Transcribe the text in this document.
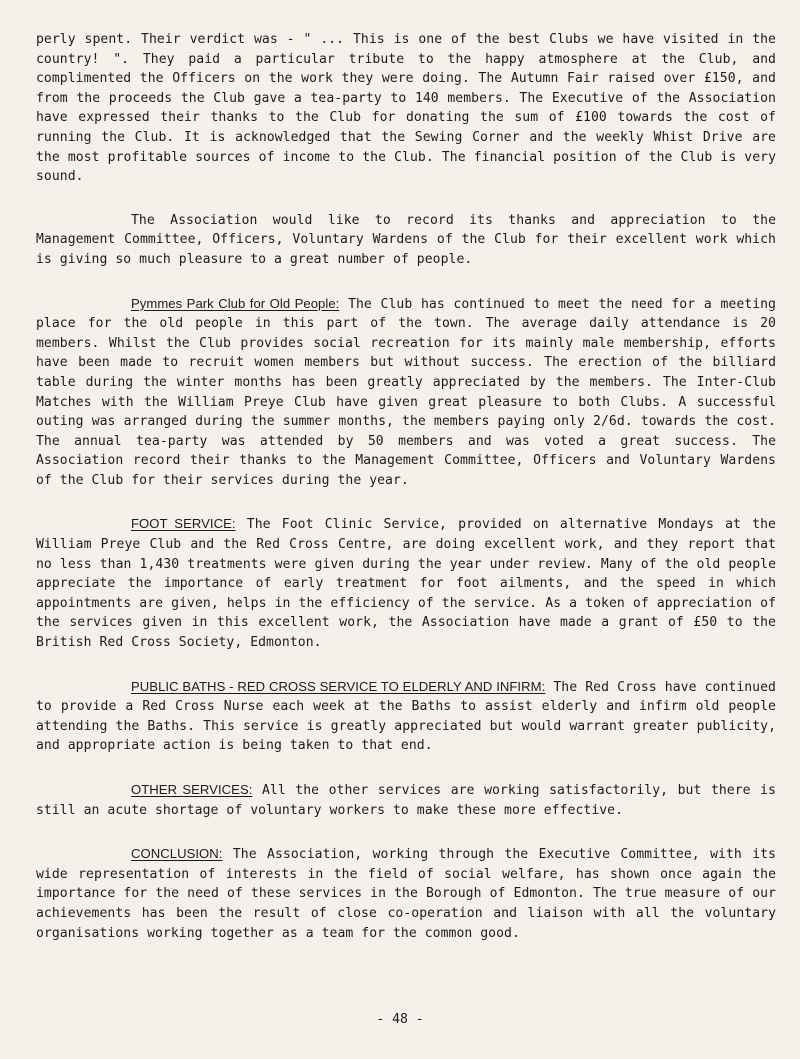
perly spent. Their verdict was - " ... This is one of the best Clubs we have visited in the country! ". They paid a particular tribute to the happy atmosphere at the Club, and complimented the Officers on the work they were doing. The Autumn Fair raised over £150, and from the proceeds the Club gave a tea-party to 140 members. The Executive of the Association have expressed their thanks to the Club for donating the sum of £100 towards the cost of running the Club. It is acknowledged that the Sewing Corner and the weekly Whist Drive are the most profitable sources of income to the Club. The financial position of the Club is very sound.

The Association would like to record its thanks and appreciation to the Management Committee, Officers, Voluntary Wardens of the Club for their excellent work which is giving so much pleasure to a great number of people.

Pymmes Park Club for Old People: The Club has continued to meet the need for a meeting place for the old people in this part of the town. The average daily attendance is 20 members. Whilst the Club provides social recreation for its mainly male membership, efforts have been made to recruit women members but without success. The erection of the billiard table during the winter months has been greatly appreciated by the members. The Inter-Club Matches with the William Preye Club have given great pleasure to both Clubs. A successful outing was arranged during the summer months, the members paying only 2/6d. towards the cost. The annual tea-party was attended by 50 members and was voted a great success. The Association record their thanks to the Management Committee, Officers and Voluntary Wardens of the Club for their services during the year.

FOOT SERVICE: The Foot Clinic Service, provided on alternative Mondays at the William Preye Club and the Red Cross Centre, are doing excellent work, and they report that no less than 1,430 treatments were given during the year under review. Many of the old people appreciate the importance of early treatment for foot ailments, and the speed in which appointments are given, helps in the efficiency of the service. As a token of appreciation of the services given in this excellent work, the Association have made a grant of £50 to the British Red Cross Society, Edmonton.

PUBLIC BATHS - RED CROSS SERVICE TO ELDERLY AND INFIRM: The Red Cross have continued to provide a Red Cross Nurse each week at the Baths to assist elderly and infirm old people attending the Baths. This service is greatly appreciated but would warrant greater publicity, and appropriate action is being taken to that end.

OTHER SERVICES: All the other services are working satisfactorily, but there is still an acute shortage of voluntary workers to make these more effective.

CONCLUSION: The Association, working through the Executive Committee, with its wide representation of interests in the field of social welfare, has shown once again the importance for the need of these services in the Borough of Edmonton. The true measure of our achievements has been the result of close co-operation and liaison with all the voluntary organisations working together as a team for the common good.

- 48 -
